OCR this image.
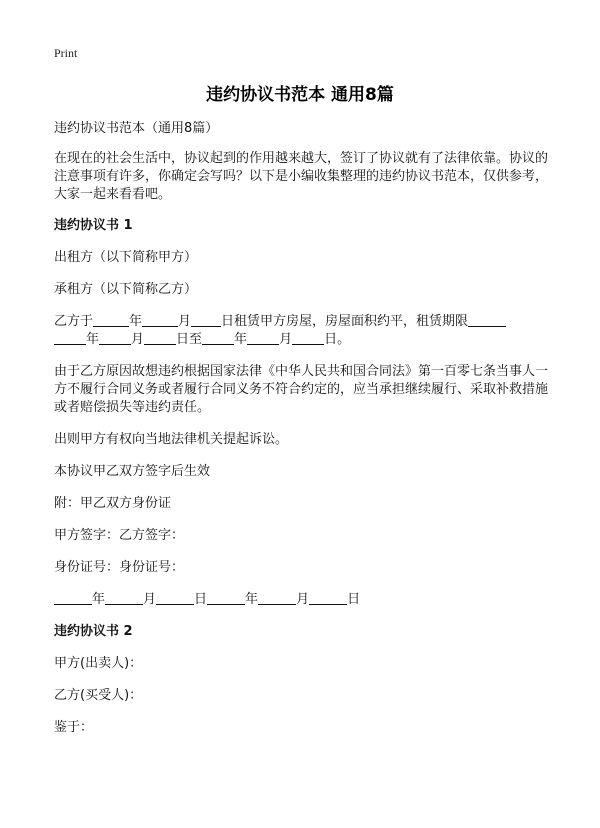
Print
违约协议书范本 通用8篇

违约协议书范本（通用8篇）

在现在的社会生活中，协议起到的作用越来越大，签订了协议就有了法律依靠。协议的注意事项有许多，你确定会写吗？以下是小编收集整理的违约协议书范本，仅供参考，大家一起来看看吧。

违约协议书 1

出租方（以下简称甲方）

承租方（以下简称乙方）

乙方于	年	月 日租赁甲方房屋，房屋面积约平，租赁期限
年 月 日至 年 月 日。

由于乙方原因故想违约根据国家法律《中华人民共和国合同法》第一百零七条当事人一方不履行合同义务或者履行合同义务不符合约定的，应当承担继续履行、采取补救措施或者赔偿损失等违约责任。

出则甲方有权向当地法律机关提起诉讼。

本协议甲乙双方签字后生效

附：甲乙双方身份证

甲方签字：乙方签字：

身份证号：身份证号：

年	月	日	年	月	日

违约协议书 2

甲方(出卖人)：

乙方(买受人)：

鉴于：
